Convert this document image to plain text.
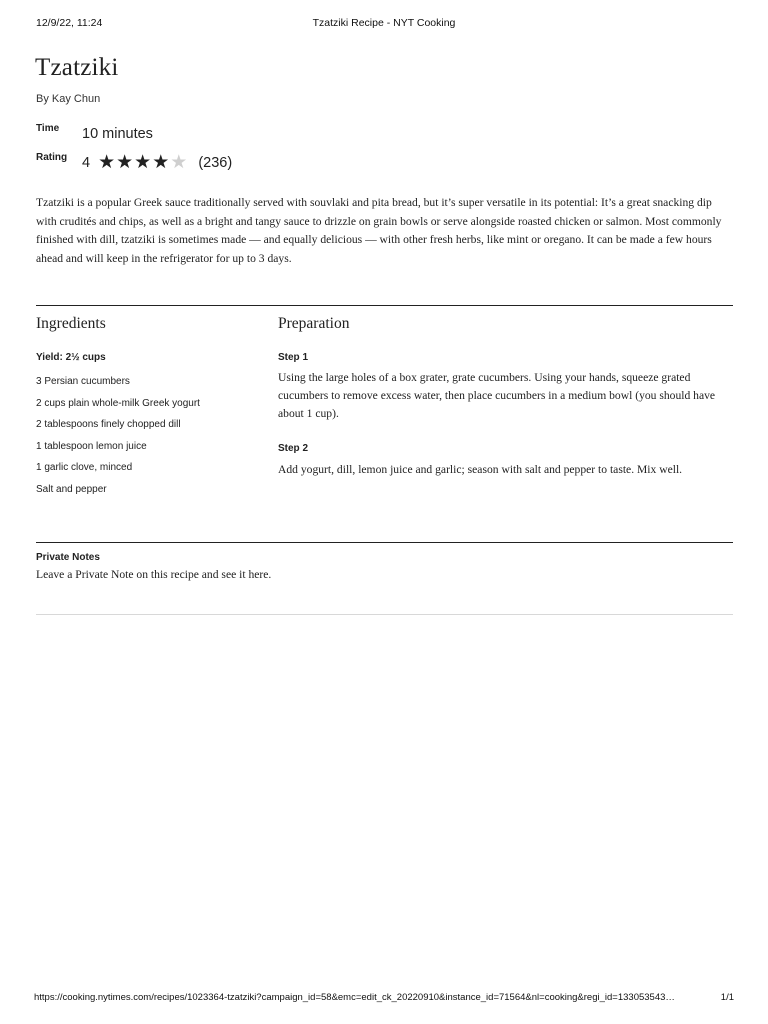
12/9/22, 11:24	Tzatziki Recipe - NYT Cooking
Tzatziki
By Kay Chun
Time 10 minutes
Rating 4 ★ ★ ★ ★ ★ (236)

Tzatziki is a popular Greek sauce traditionally served with souvlaki and pita bread, but it’s super versatile in its potential: It’s a great snacking dip with crudités and chips, as well as a bright and tangy sauce to drizzle on grain bowls or serve alongside roasted chicken or salmon. Most commonly finished with dill, tzatziki is sometimes made — and equally delicious — with other fresh herbs, like mint or oregano. It can be made a few hours ahead and will keep in the refrigerator for up to 3 days.

Ingredients
Yield: 2½ cups
3 Persian cucumbers
2 cups plain whole-milk Greek yogurt
2 tablespoons finely chopped dill
1 tablespoon lemon juice
1 garlic clove, minced
Salt and pepper
Preparation
Step 1

Using the large holes of a box grater, grate cucumbers. Using your hands, squeeze grated cucumbers to remove excess water, then place cucumbers in a medium bowl (you should have about 1 cup).

Step 2

Add yogurt, dill, lemon juice and garlic; season with salt and pepper to taste. Mix well.

Private Notes
Leave a Private Note on this recipe and see it here.
https://cooking.nytimes.com/recipes/1023364-tzatziki?campaign_id=58&emc=edit_ck_20220910&instance_id=71564&nl=cooking&regi_id=133053543…	1/1
